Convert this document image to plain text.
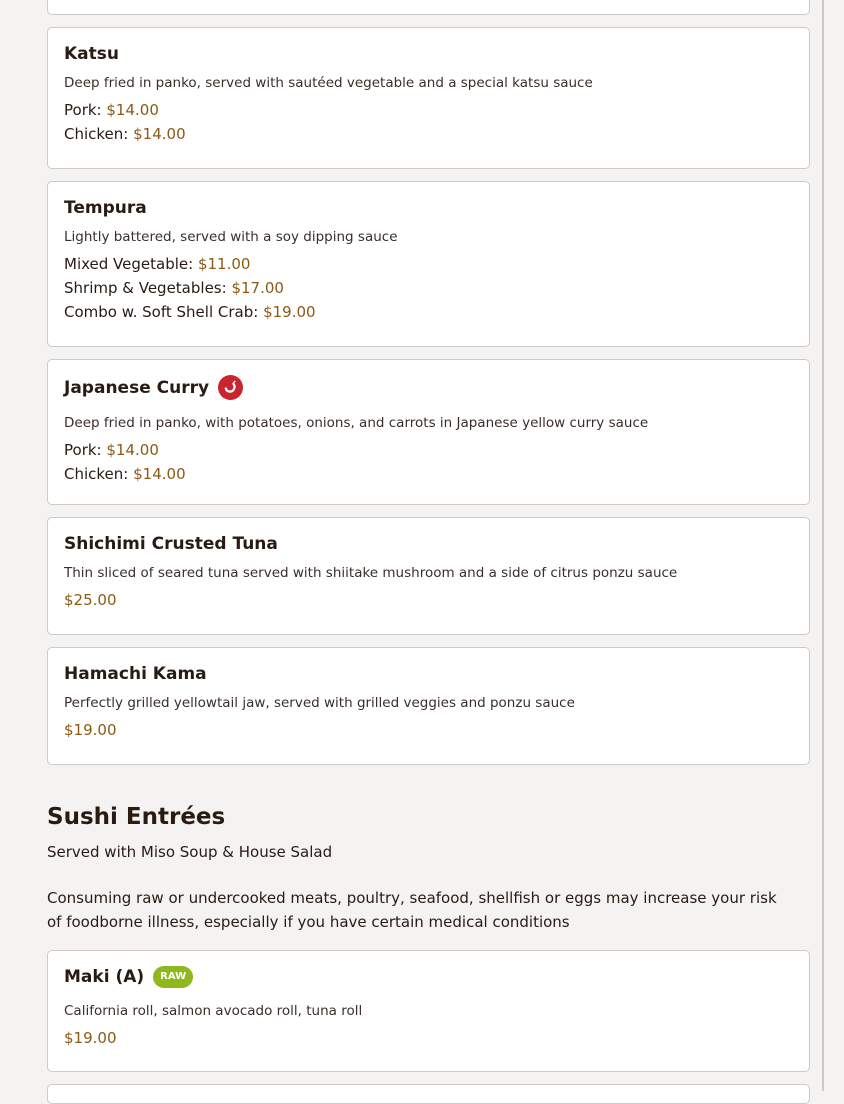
Katsu
Deep fried in panko, served with sautéed vegetable and a special katsu sauce
Pork: $14.00
Chicken: $14.00
Tempura
Lightly battered, served with a soy dipping sauce
Mixed Vegetable: $11.00
Shrimp & Vegetables: $17.00
Combo w. Soft Shell Crab: $19.00
Japanese Curry
Deep fried in panko, with potatoes, onions, and carrots in Japanese yellow curry sauce
Pork: $14.00
Chicken: $14.00
Shichimi Crusted Tuna
Thin sliced of seared tuna served with shiitake mushroom and a side of citrus ponzu sauce
$25.00
Hamachi Kama
Perfectly grilled yellowtail jaw, served with grilled veggies and ponzu sauce
$19.00
Sushi Entrées
Served with Miso Soup & House Salad
Consuming raw or undercooked meats, poultry, seafood, shellfish or eggs may increase your risk of foodborne illness, especially if you have certain medical conditions
Maki (A)	RAW
California roll, salmon avocado roll, tuna roll
$19.00
